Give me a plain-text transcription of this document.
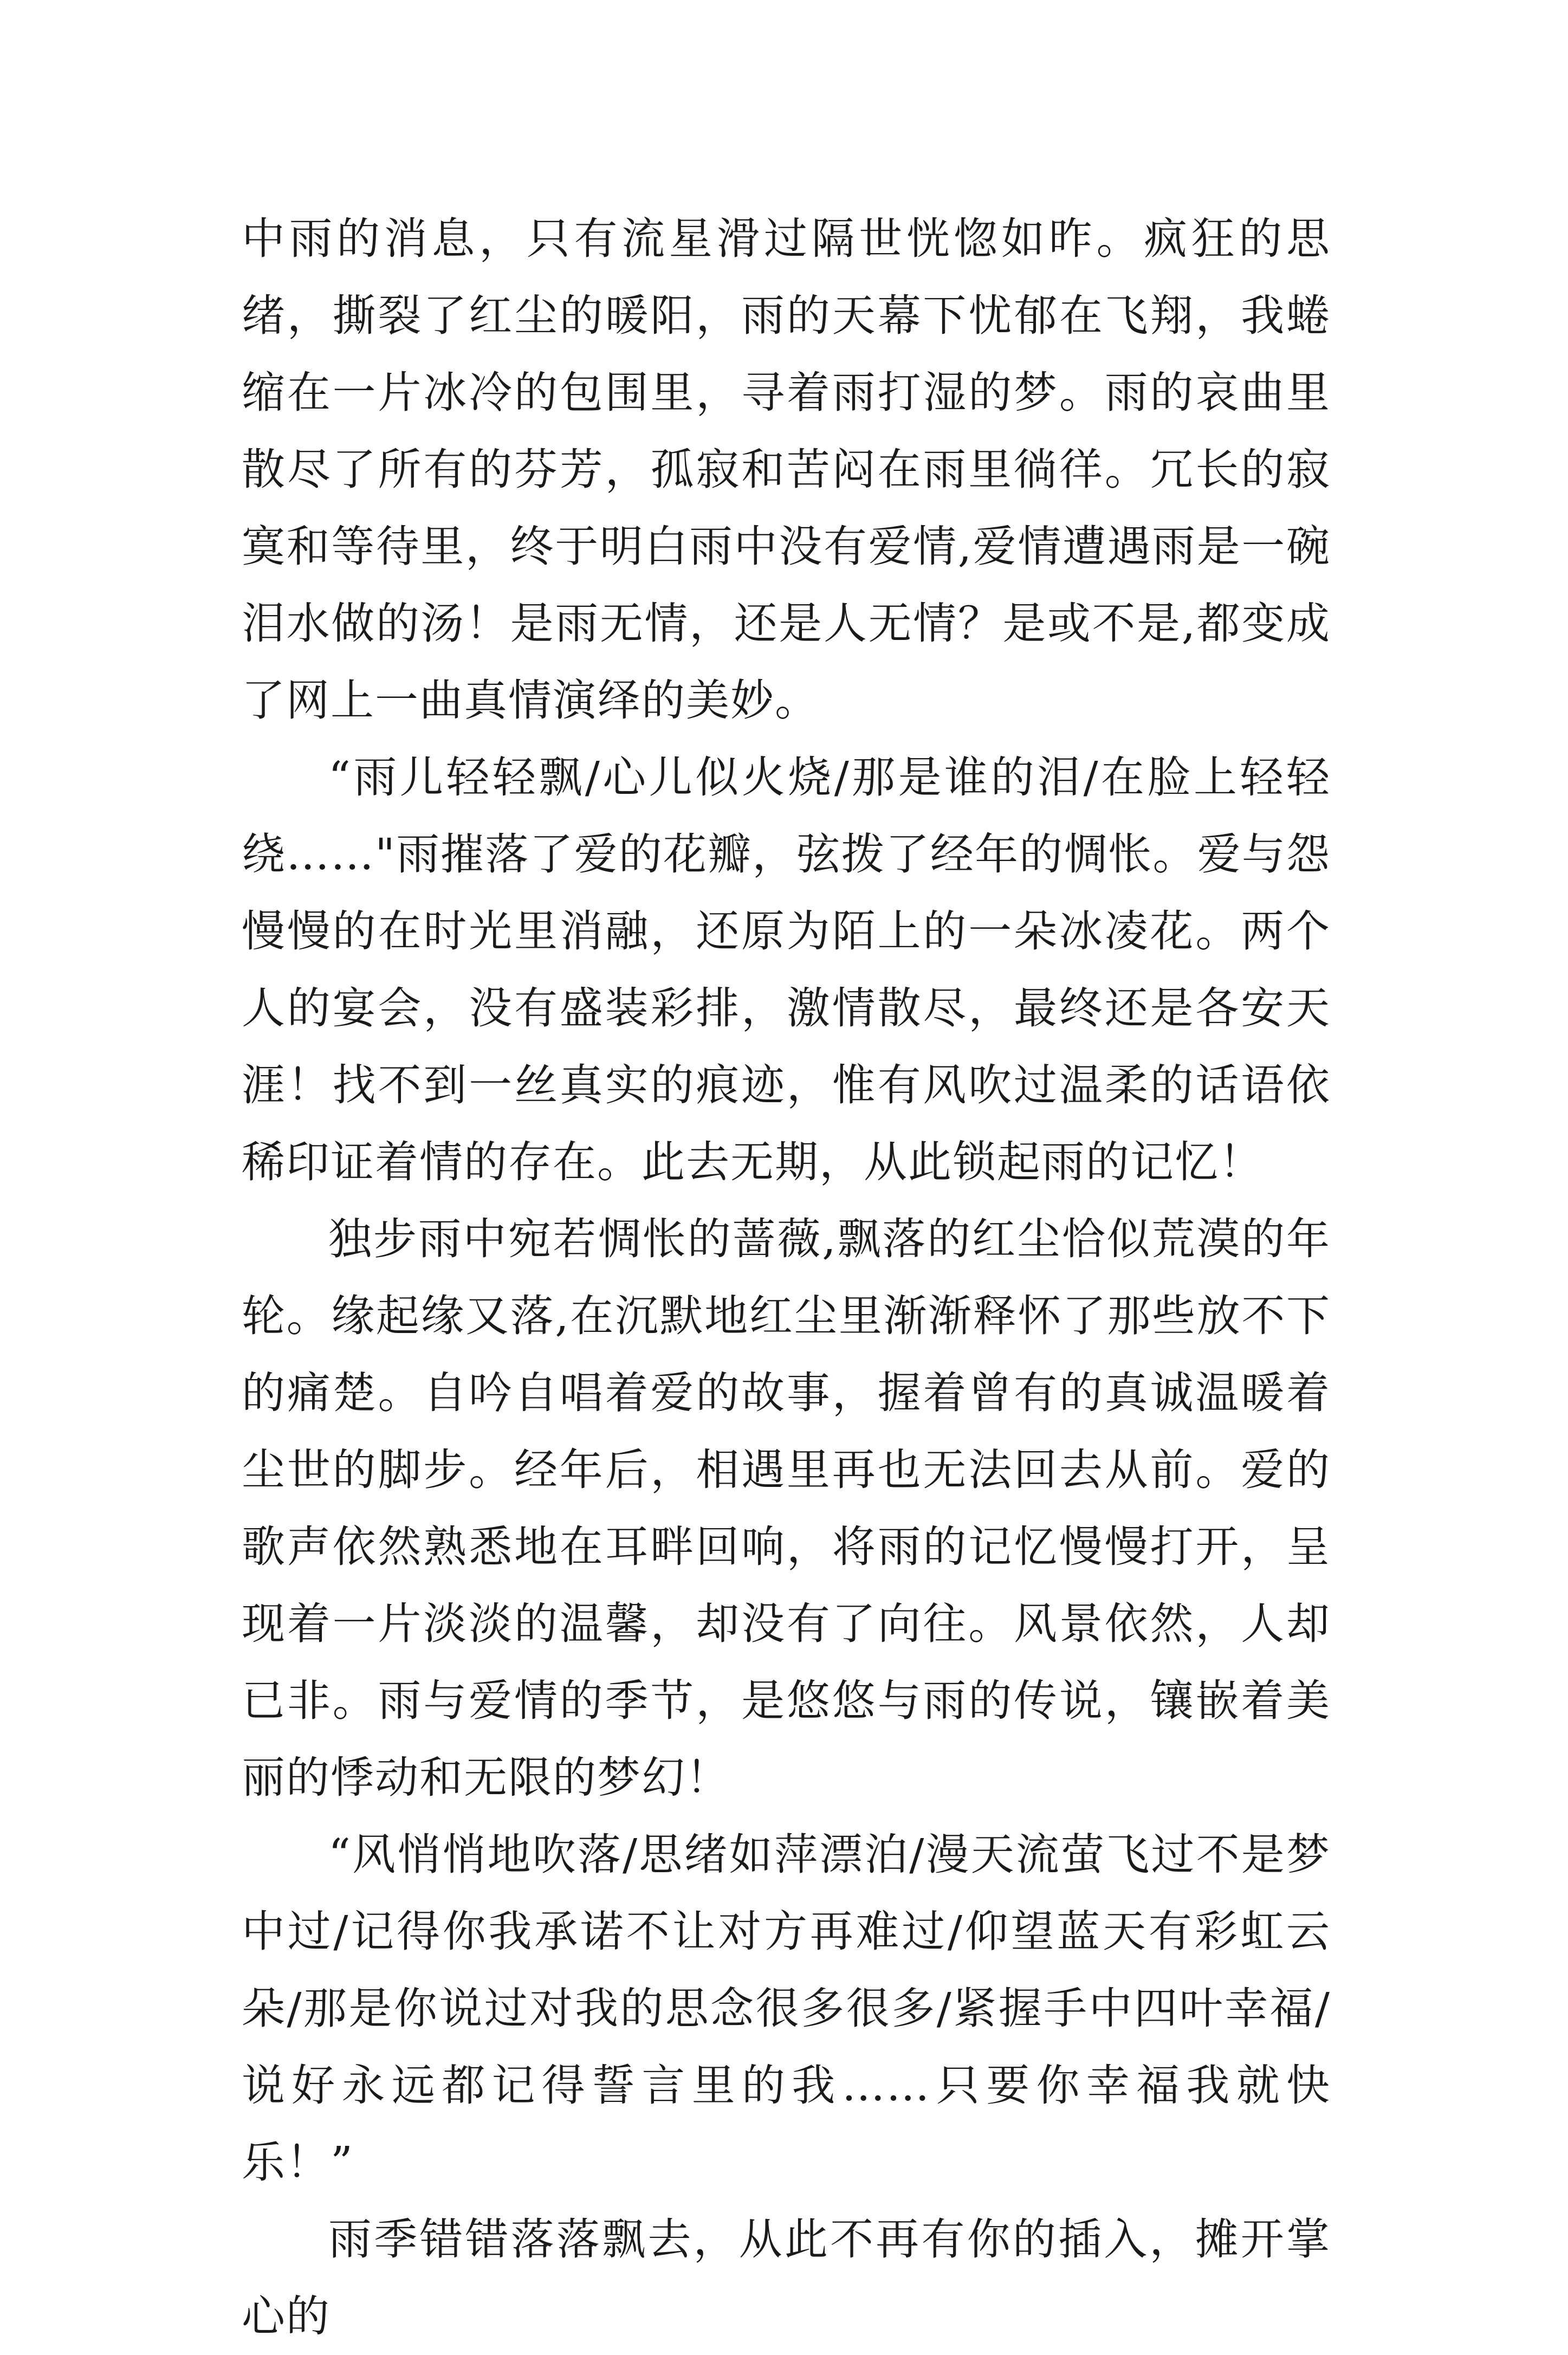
中雨的消息，只有流星滑过隔世恍惚如昨。疯狂的思绪，撕裂了红尘的暖阳，雨的天幕下忧郁在飞翔，我蜷缩在一片冰冷的包围里，寻着雨打湿的梦。雨的哀曲里散尽了所有的芬芳，孤寂和苦闷在雨里徜徉。冗长的寂寞和等待里，终于明白雨中没有爱情,爱情遭遇雨是一碗泪水做的汤！是雨无情，还是人无情？是或不是,都变成了网上一曲真情演绎的美妙。

“雨儿轻轻飘/心儿似火烧/那是谁的泪/在脸上轻轻绕……"雨摧落了爱的花瓣，弦拨了经年的惆怅。爱与怨慢慢的在时光里消融，还原为陌上的一朵冰凌花。两个人的宴会，没有盛装彩排，激情散尽，最终还是各安天涯！找不到一丝真实的痕迹，惟有风吹过温柔的话语依稀印证着情的存在。此去无期，从此锁起雨的记忆！

独步雨中宛若惆怅的蔷薇,飘落的红尘恰似荒漠的年轮。缘起缘又落,在沉默地红尘里渐渐释怀了那些放不下的痛楚。自吟自唱着爱的故事，握着曾有的真诚温暖着尘世的脚步。经年后，相遇里再也无法回去从前。爱的歌声依然熟悉地在耳畔回响，将雨的记忆慢慢打开，呈现着一片淡淡的温馨，却没有了向往。风景依然，人却已非。雨与爱情的季节，是悠悠与雨的传说，镶嵌着美丽的悸动和无限的梦幻！

“风悄悄地吹落/思绪如萍漂泊/漫天流萤飞过不是梦中过/记得你我承诺不让对方再难过/仰望蓝天有彩虹云朵/那是你说过对我的思念很多很多/紧握手中四叶幸福/说好永远都记得誓言里的我……只要你幸福我就快乐！”

雨季错错落落飘去，从此不再有你的插入，摊开掌心的
